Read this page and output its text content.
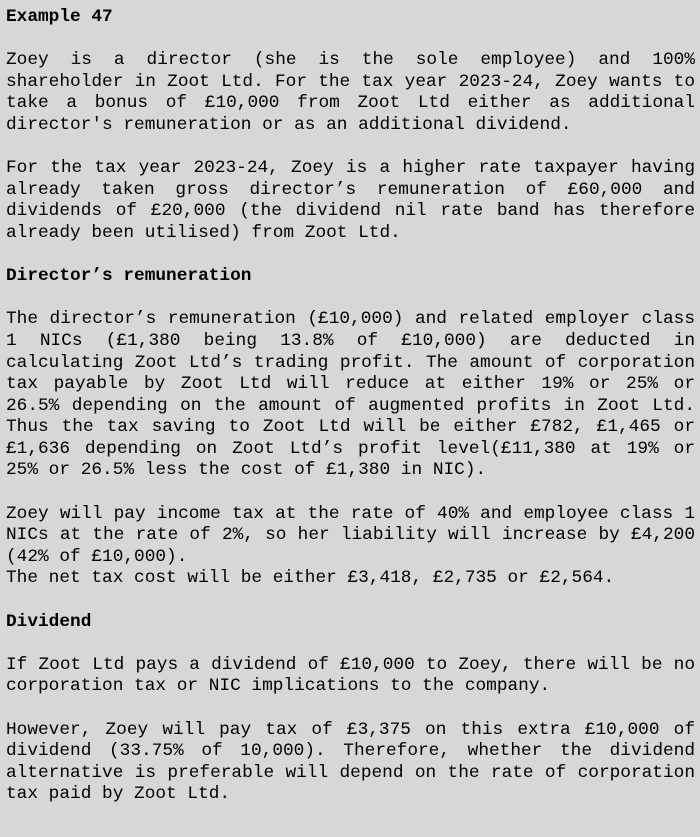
Example 47

Zoey is a director (she is the sole employee) and 100% shareholder in Zoot Ltd. For the tax year 2023-24, Zoey wants to take a bonus of £10,000 from Zoot Ltd either as additional director's remuneration or as an additional dividend.

For the tax year 2023-24, Zoey is a higher rate taxpayer having already taken gross director’s remuneration of £60,000 and dividends of £20,000 (the dividend nil rate band has therefore already been utilised) from Zoot Ltd.

Director’s remuneration

The director’s remuneration (£10,000) and related employer class 1 NICs (£1,380 being 13.8% of £10,000) are deducted in calculating Zoot Ltd’s trading profit. The amount of corporation tax payable by Zoot Ltd will reduce at either 19% or 25% or 26.5% depending on the amount of augmented profits in Zoot Ltd. Thus the tax saving to Zoot Ltd will be either £782, £1,465 or £1,636 depending on Zoot Ltd’s profit level(£11,380 at 19% or 25% or 26.5% less the cost of £1,380 in NIC).

Zoey will pay income tax at the rate of 40% and employee class 1 NICs at the rate of 2%, so her liability will increase by £4,200 (42% of £10,000).

The net tax cost will be either £3,418, £2,735 or £2,564.

Dividend

If Zoot Ltd pays a dividend of £10,000 to Zoey, there will be no corporation tax or NIC implications to the company.

However, Zoey will pay tax of £3,375 on this extra £10,000 of dividend (33.75% of 10,000). Therefore, whether the dividend alternative is preferable will depend on the rate of corporation tax paid by Zoot Ltd.
